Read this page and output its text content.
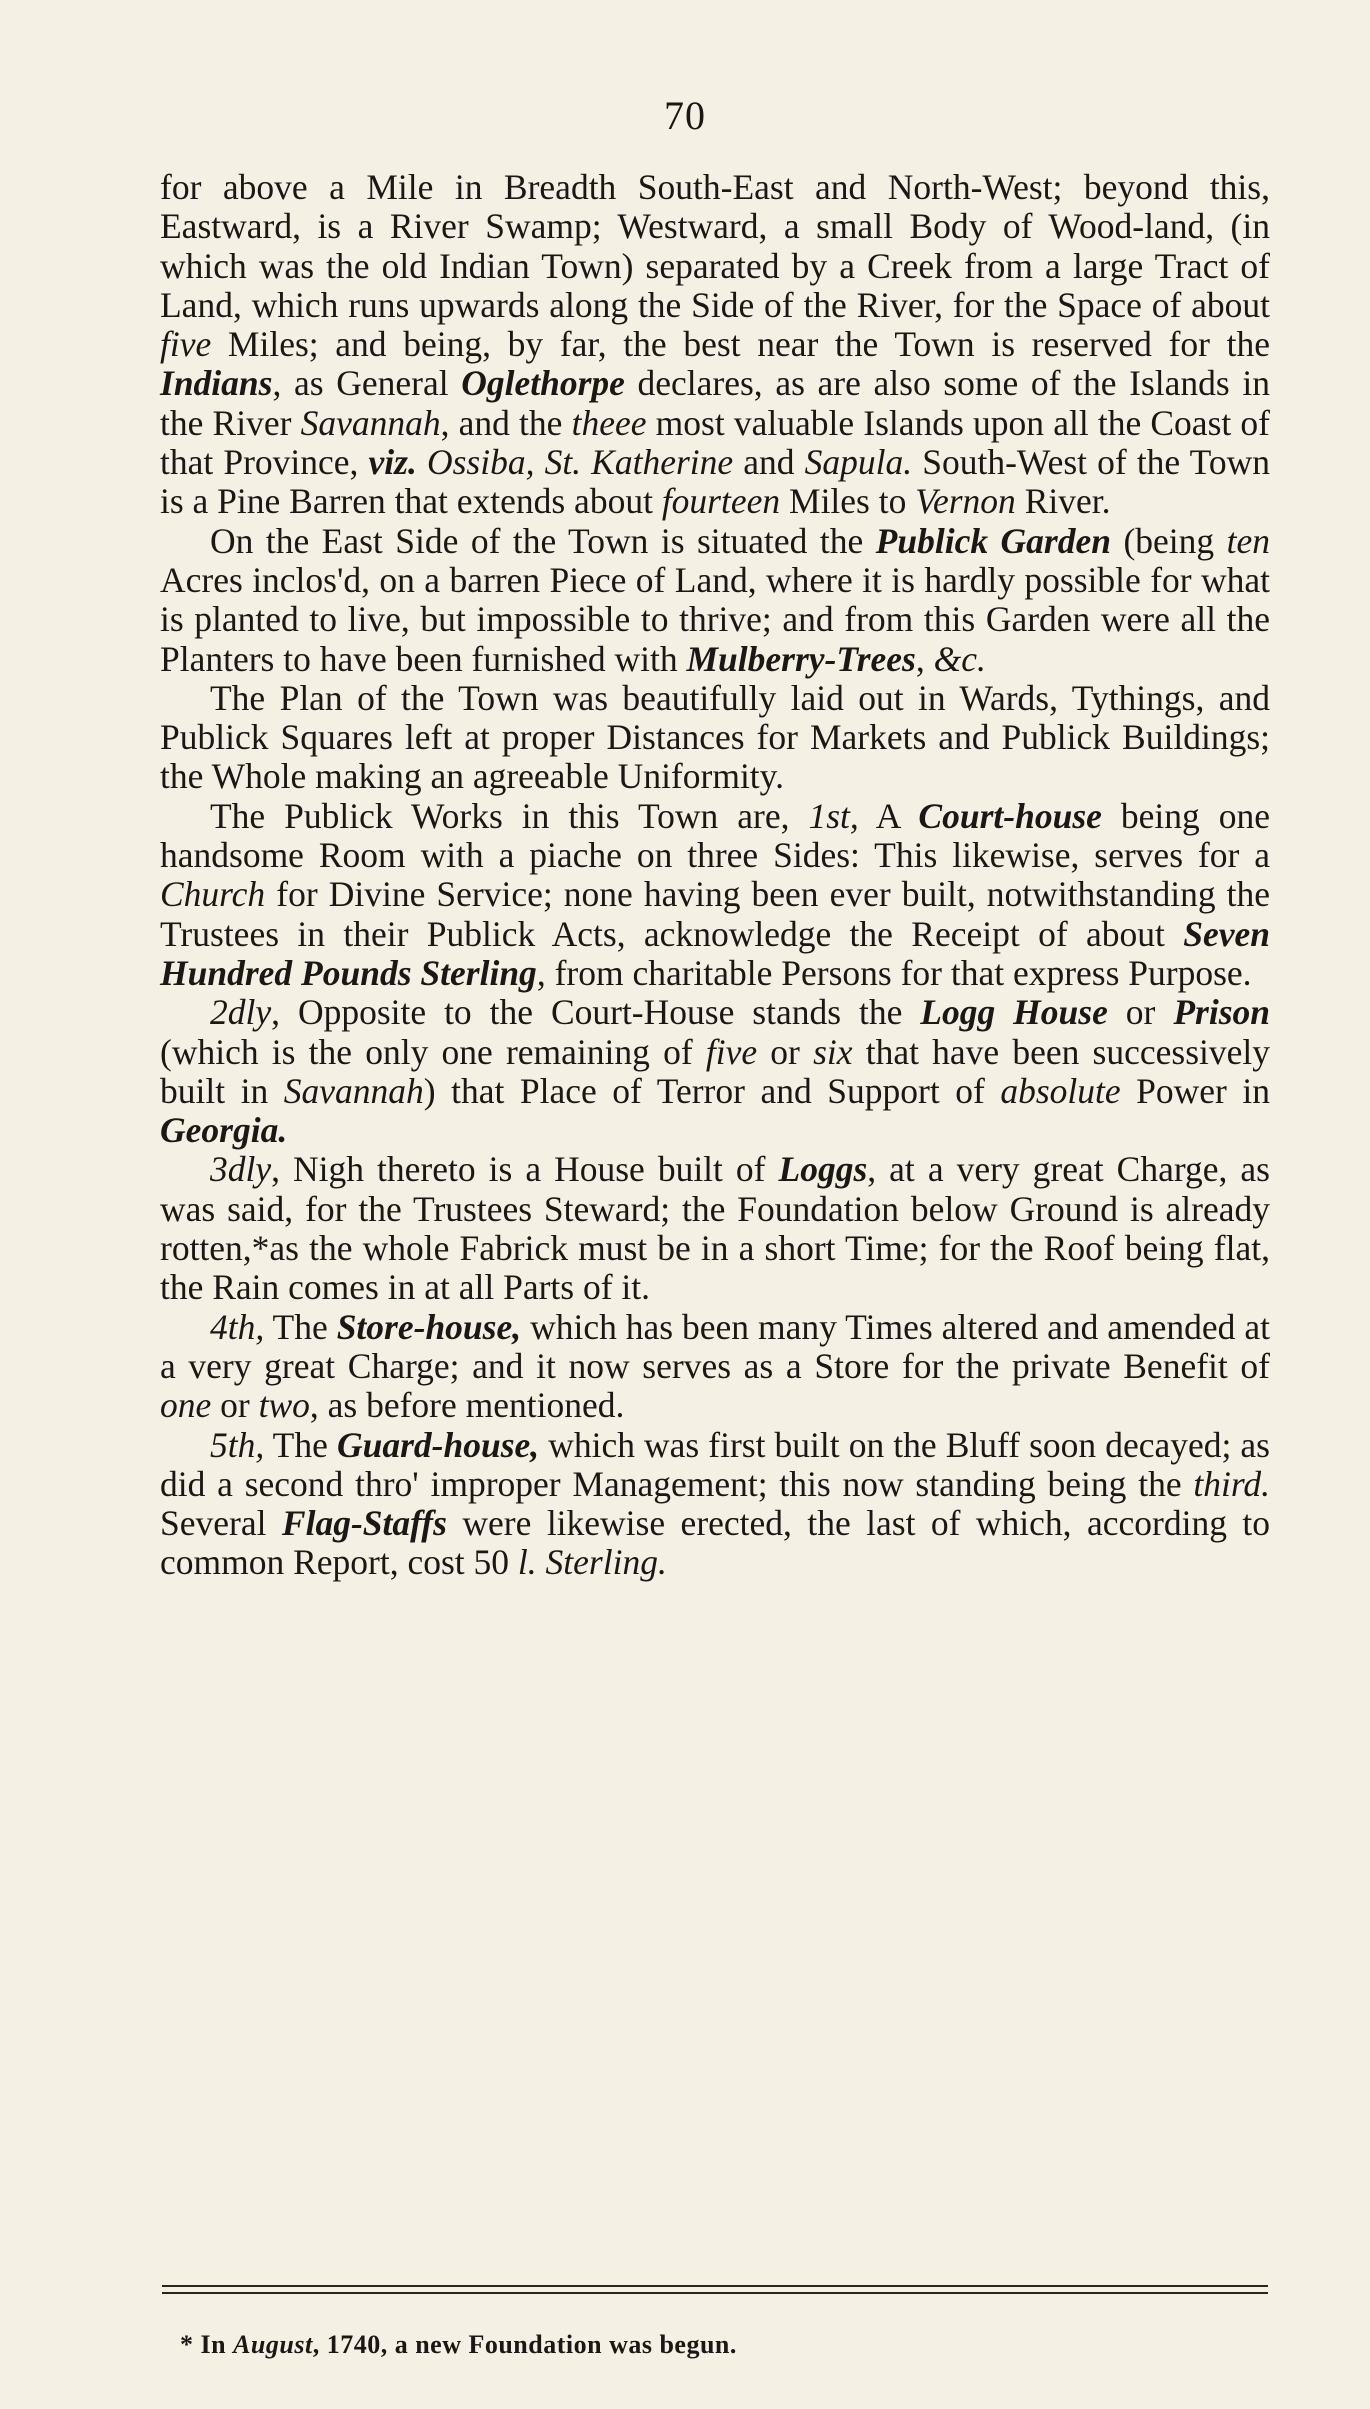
70

for above a Mile in Breadth South-East and North-West; beyond this, Eastward, is a River Swamp; Westward, a small Body of Wood-land, (in which was the old Indian Town) separated by a Creek from a large Tract of Land, which runs upwards along the Side of the River, for the Space of about five Miles; and being, by far, the best near the Town is reserved for the Indians, as General Oglethorpe declares, as are also some of the Islands in the River Savannah, and the theee most valuable Islands upon all the Coast of that Province, viz. Ossiba, St. Katherine and Sapula. South-West of the Town is a Pine Barren that extends about fourteen Miles to Vernon River.

On the East Side of the Town is situated the Publick Garden (being ten Acres inclos'd, on a barren Piece of Land, where it is hardly possible for what is planted to live, but impossible to thrive; and from this Garden were all the Planters to have been furnished with Mulberry-Trees, &c.

The Plan of the Town was beautifully laid out in Wards, Tythings, and Publick Squares left at proper Distances for Markets and Publick Buildings; the Whole making an agreeable Uniformity.

The Publick Works in this Town are, 1st, A Court-house being one handsome Room with a piache on three Sides: This likewise, serves for a Church for Divine Service; none having been ever built, notwithstanding the Trustees in their Publick Acts, acknowledge the Receipt of about Seven Hundred Pounds Sterling, from charitable Persons for that express Purpose.

2dly, Opposite to the Court-House stands the Logg House or Prison (which is the only one remaining of five or six that have been successively built in Savannah) that Place of Terror and Support of absolute Power in Georgia.

3dly, Nigh thereto is a House built of Loggs, at a very great Charge, as was said, for the Trustees Steward; the Foundation below Ground is already rotten,*as the whole Fabrick must be in a short Time; for the Roof being flat, the Rain comes in at all Parts of it.

4th, The Store-house, which has been many Times altered and amended at a very great Charge; and it now serves as a Store for the private Benefit of one or two, as before mentioned.

5th, The Guard-house, which was first built on the Bluff soon decayed; as did a second thro' improper Management; this now standing being the third. Several Flag-Staffs were likewise erected, the last of which, according to common Report, cost 50 l. Sterling.

* In August, 1740, a new Foundation was begun.
